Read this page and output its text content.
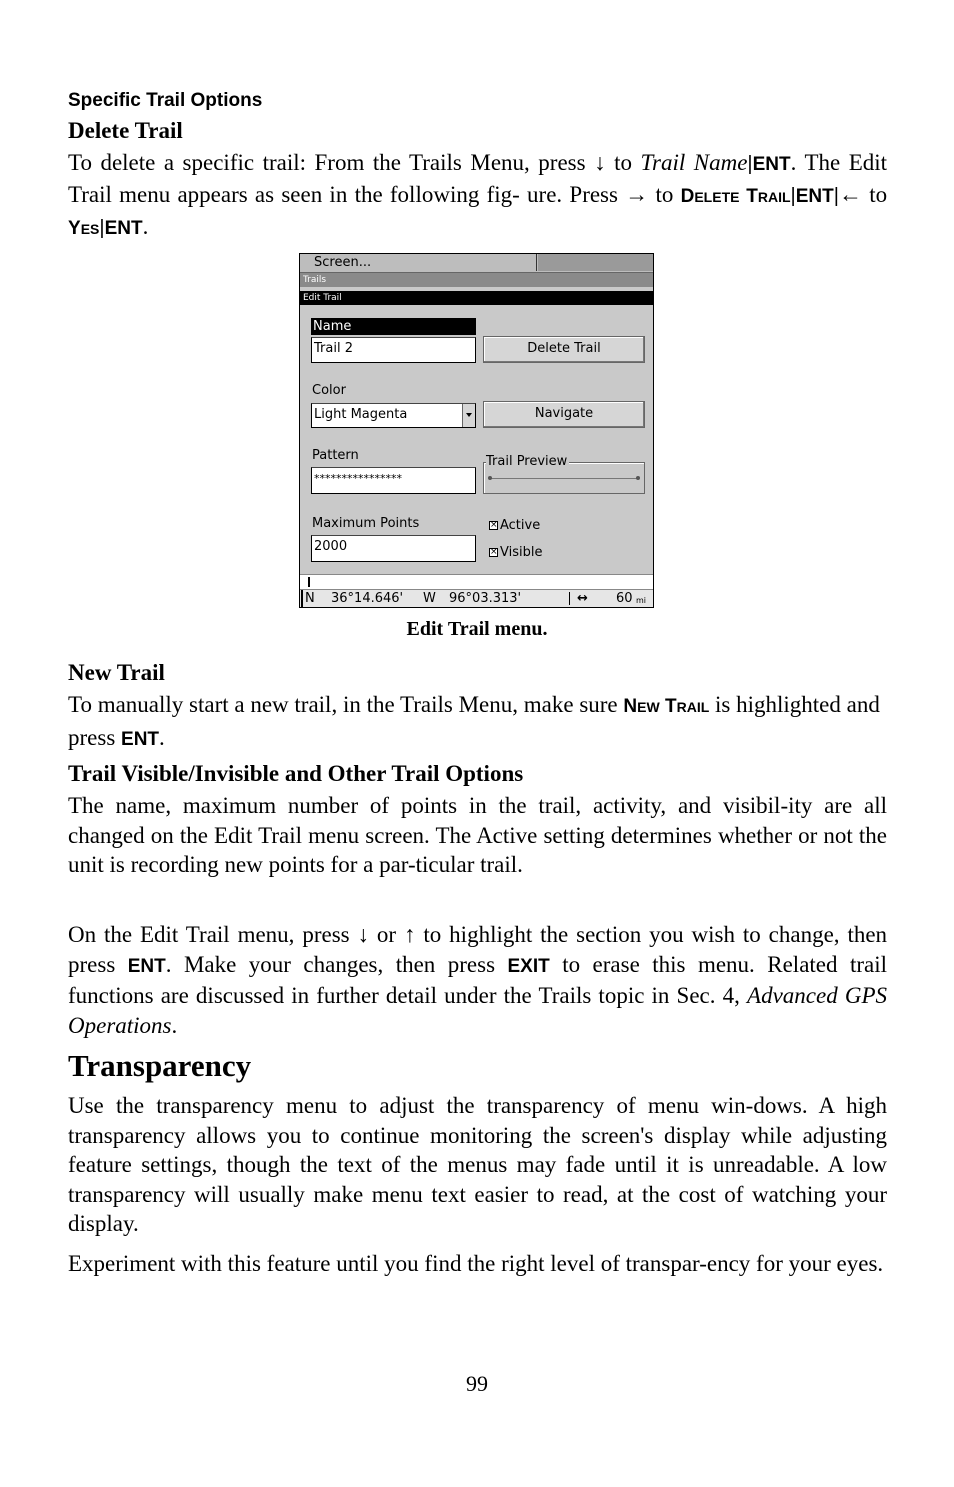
Specific Trail Options
Delete Trail
To delete a specific trail: From the Trails Menu, press ↓ to Trail Name|ENT. The Edit Trail menu appears as seen in the following fig- ure. Press → to DELETE TRAIL|ENT|← to YES|ENT.
Screen...
Trails
Edit Trail
Name
Trail 2	Delete Trail
Color
Light Magenta	Navigate
Pattern
****************
Trail Preview
Maximum Points
2000
× Active
× Visible
N 36°14.646' W 96°03.313'	↔ 60 mi
Edit Trail menu.
New Trail
To manually start a new trail, in the Trails Menu, make sure NEW TRAIL is highlighted and press ENT.
Trail Visible/Invisible and Other Trail Options
The name, maximum number of points in the trail, activity, and visibil-ity are all changed on the Edit Trail menu screen. The Active setting determines whether or not the unit is recording new points for a par-ticular trail.
On the Edit Trail menu, press ↓ or ↑ to highlight the section you wish to change, then press ENT. Make your changes, then press EXIT to erase this menu. Related trail functions are discussed in further detail under the Trails topic in Sec. 4, Advanced GPS Operations.
Transparency
Use the transparency menu to adjust the transparency of menu win-dows. A high transparency allows you to continue monitoring the screen's display while adjusting feature settings, though the text of the menus may fade until it is unreadable. A low transparency will usually make menu text easier to read, at the cost of watching your display.
Experiment with this feature until you find the right level of transpar-ency for your eyes.
99
